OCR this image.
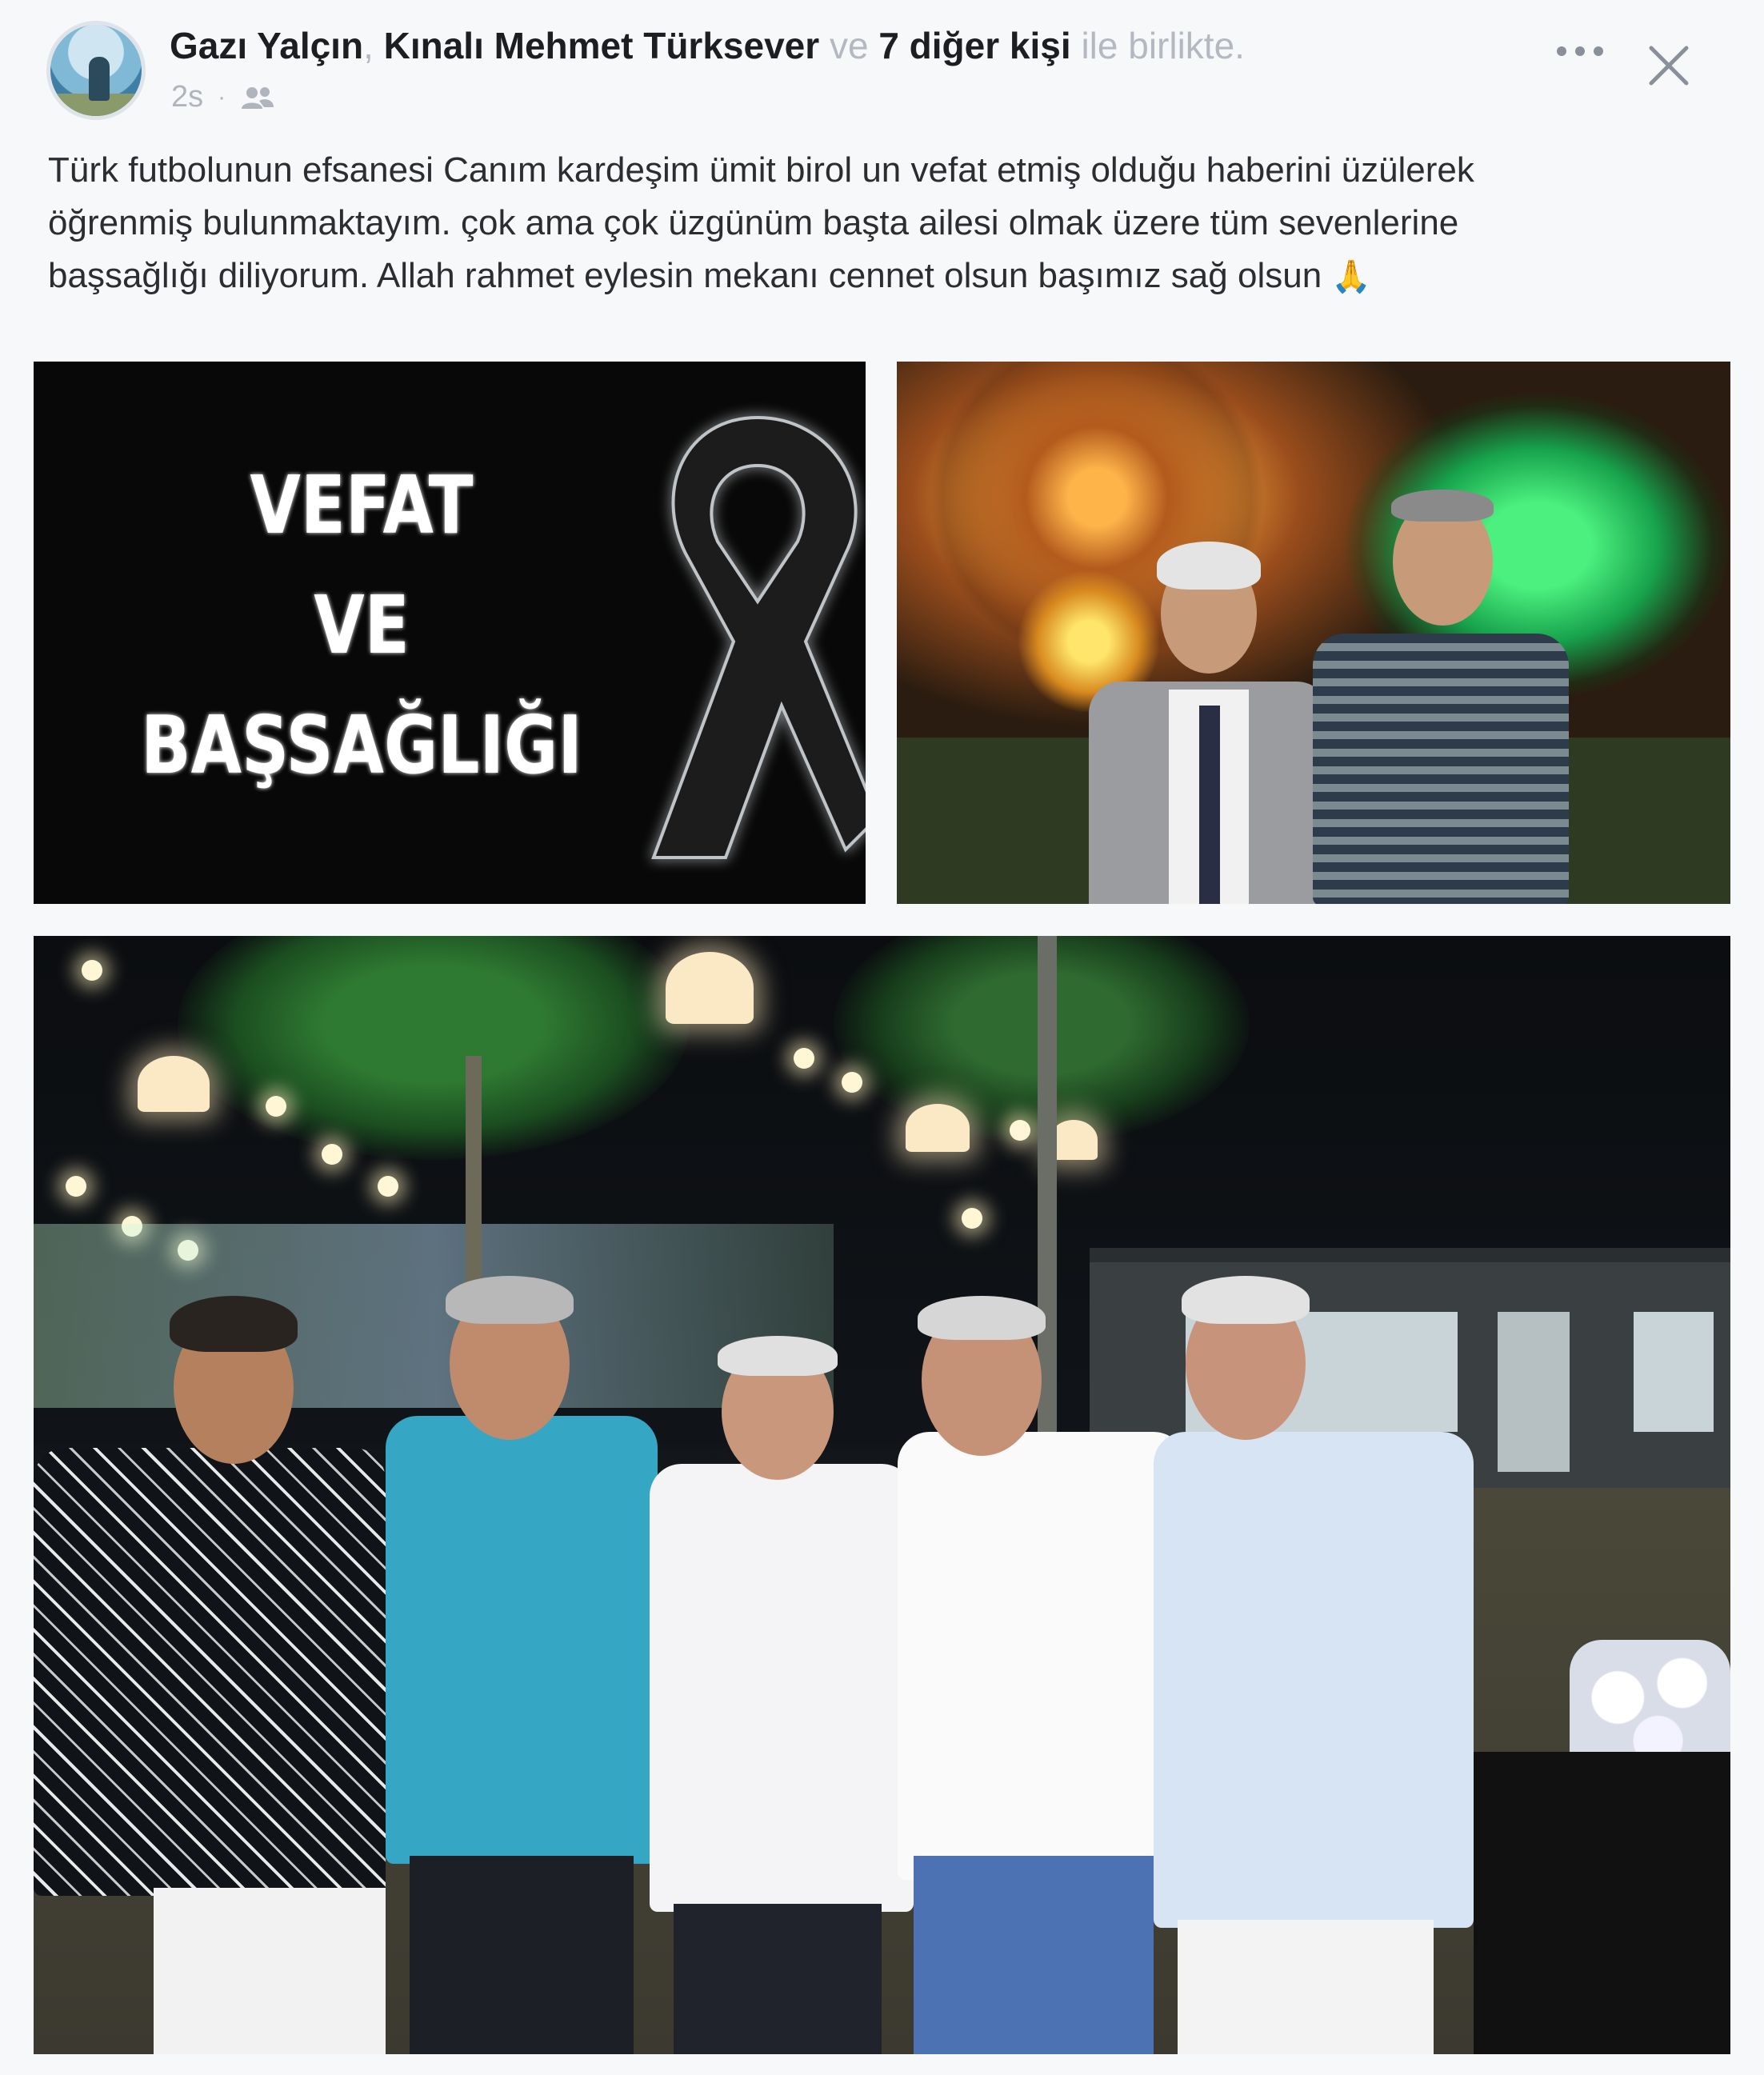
Gazı Yalçın, Kınalı Mehmet Türksever ve 7 diğer kişi ile birlikte.
2s ·

Türk futbolunun efsanesi Canım kardeşim ümit birol un vefat etmiş olduğu haberini üzülerek

öğrenmiş bulunmaktayım. çok ama çok üzgünüm başta ailesi olmak üzere tüm sevenlerine

başsağlığı diliyorum. Allah rahmet eylesin mekanı cennet olsun başımız sağ olsun 🙏

VEFAT
VE
BAŞSAĞLIĞI
